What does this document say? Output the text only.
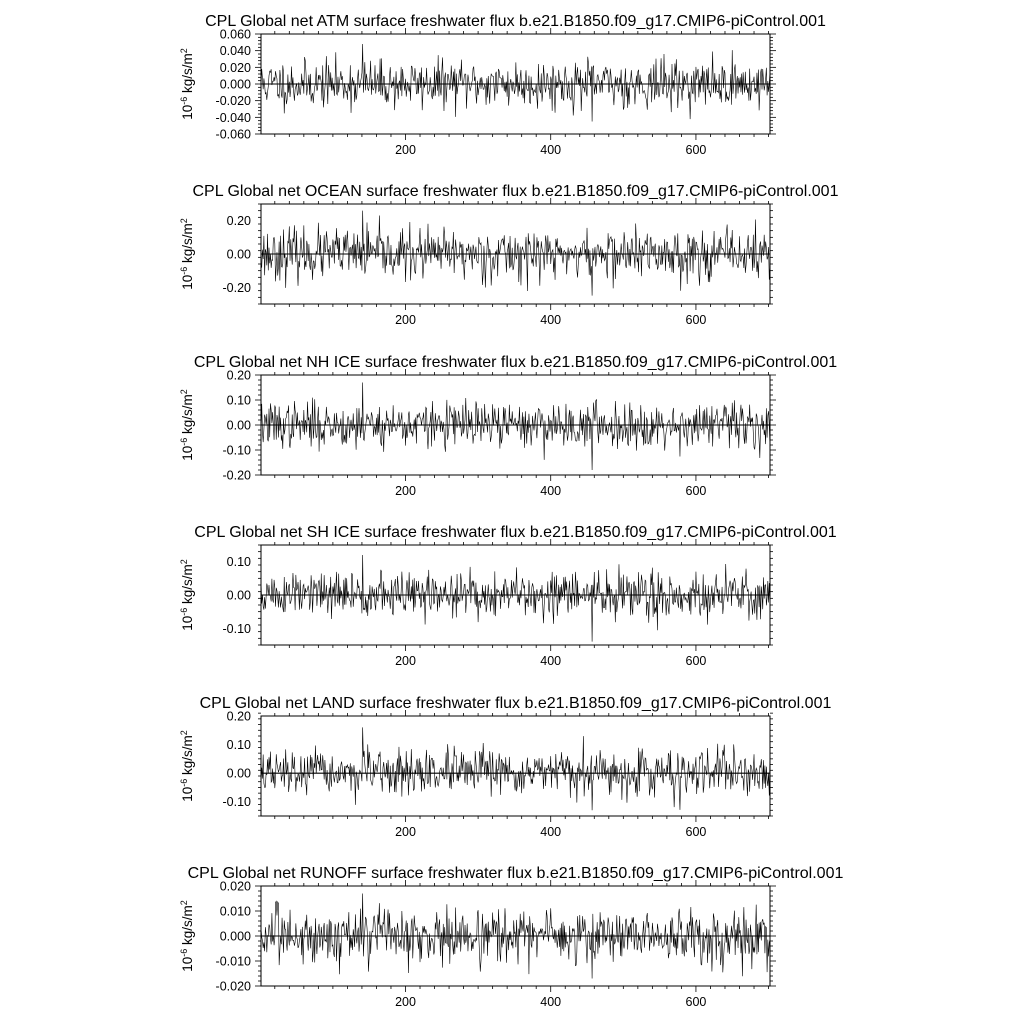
CPL Global net ATM surface freshwater flux b.e21.B1850.f09_g17.CMIP6-piControl.001
200	400	600
-0.060
-0.040
-0.020
0.000
0.020
0.040
0.060
$10^{-6}$ $kg/s/m^2$
CPL Global net OCEAN surface freshwater flux b.e21.B1850.f09_g17.CMIP6-piControl.001
200	400	600
-0.20
0.00
0.20
$10^{-6}$ $kg/s/m^2$
CPL Global net NH ICE surface freshwater flux b.e21.B1850.f09_g17.CMIP6-piControl.001
200	400	600
-0.20
-0.10
0.00
0.10
0.20
$10^{-6}$ $kg/s/m^2$
CPL Global net SH ICE surface freshwater flux b.e21.B1850.f09_g17.CMIP6-piControl.001
200	400	600
-0.10
0.00
0.10
$10^{-6}$ $kg/s/m^2$
CPL Global net LAND surface freshwater flux b.e21.B1850.f09_g17.CMIP6-piControl.001
200	400	600
-0.10
0.00
0.10
0.20
$10^{-6}$ $kg/s/m^2$
CPL Global net RUNOFF surface freshwater flux b.e21.B1850.f09_g17.CMIP6-piControl.001
200	400	600
-0.020
-0.010
0.000
0.010
0.020
$10^{-6}$ $kg/s/m^2$
